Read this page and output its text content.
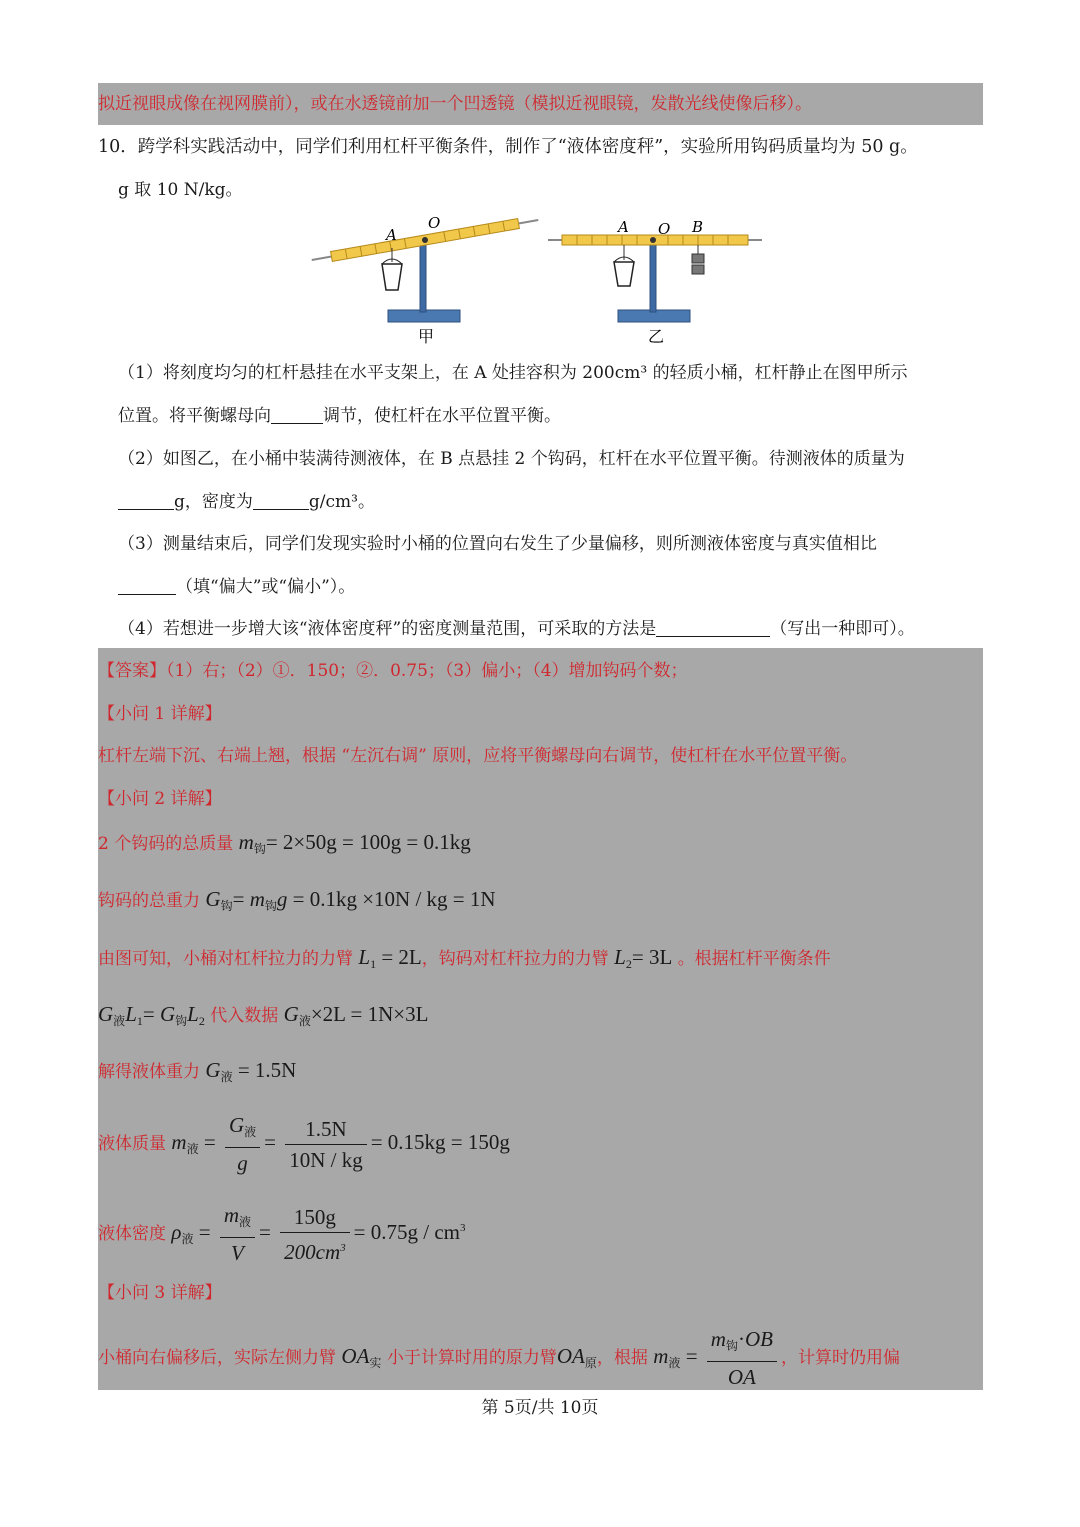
拟近视眼成像在视网膜前），或在水透镜前加一个凹透镜（模拟近视眼镜，发散光线使像后移）。
10．跨学科实践活动中，同学们利用杠杆平衡条件，制作了“液体密度秤”，实验所用钩码质量均为 50 g。
g 取 10 N/kg。
A
O
甲
A O B
乙
（1）将刻度均匀的杠杆悬挂在水平支架上，在 A 处挂容积为 200cm³ 的轻质小桶，杠杆静止在图甲所示
位置。将平衡螺母向	调节，使杠杆在水平位置平衡。
（2）如图乙，在小桶中装满待测液体，在 B 点悬挂 2 个钩码，杠杆在水平位置平衡。待测液体的质量为
g，密度为	g/cm³。
（3）测量结束后，同学们发现实验时小桶的位置向右发生了少量偏移，则所测液体密度与真实值相比
（填“偏大”或“偏小”）。
（4）若想进一步增大该“液体密度秤”的密度测量范围，可采取的方法是	（写出一种即可）。
【答案】（1）右；（2）①．150；②．0.75；（3）偏小；（4）增加钩码个数；
【小问 1 详解】
杠杆左端下沉、右端上翘，根据 “左沉右调” 原则，应将平衡螺母向右调节，使杠杆在水平位置平衡。
【小问 2 详解】
2 个钩码的总质量 $m_钩= 2\times 50g = 100g = 0.1kg$
钩码的总重力 $G_钩= m_钩g = 0.1kg \times 10N$ / kg = 1N
由图可知，小桶对杠杆拉力的力臂 $L_1 = 2L$，钩码对杠杆拉力的力臂 $L_2= 3L$ 。根据杠杆平衡条件
$G_液L_1= G_钩L_2$ 代入数据 $G_液\times 2L = 1N\times 3L$
解得液体重力 $G_液 = 1.5N$
液体质量 $m_液 = \frac{G_液}{g} = \frac{1.5N}{10N / kg} = 0.15kg = 150g$
液体密度 $\rho_液 = \frac{m_液}{V} = \frac{150g}{200cm^3} = 0.75g / cm^3$
【小问 3 详解】
小桶向右偏移后，实际左侧力臂 $OA_实$ 小于计算时用的原力臂$OA_原$，根据 $m_液 = \frac{m_钩\cdot OB}{OA}$ ，计算时仍用偏
第 5页/共 10页
